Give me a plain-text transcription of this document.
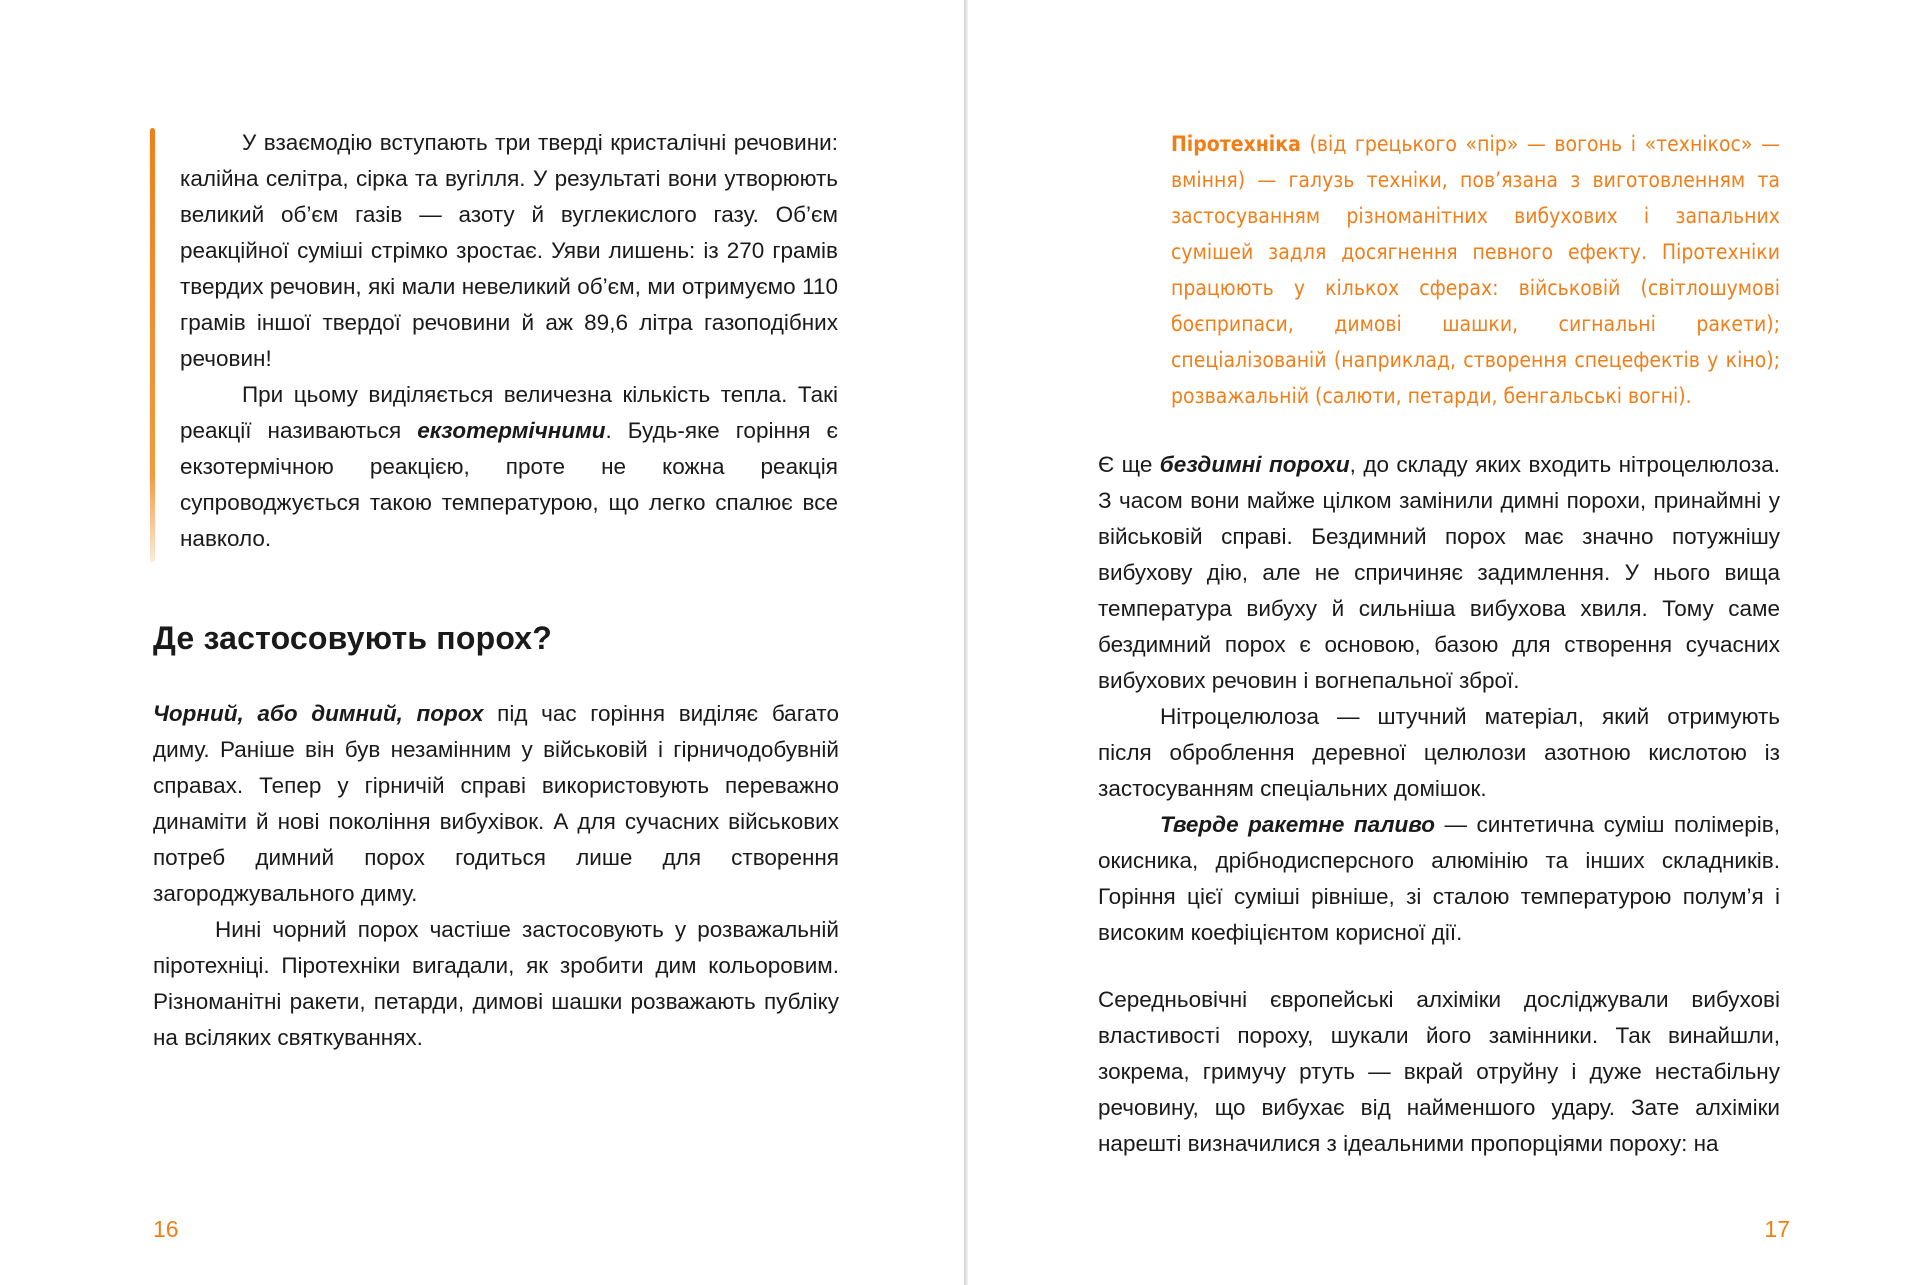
У взаємодію вступають три тверді кристалічні речовини: калійна селітра, сірка та вугілля. У результаті вони утворюють великий об’єм газів — азоту й вуглекислого газу. Об’єм реакційної суміші стрімко зростає. Уяви лишень: із 270 грамів твердих речовин, які мали невеликий об’єм, ми отримуємо 110 грамів іншої твердої речовини й аж 89,6 літра газоподібних речовин!

При цьому виділяється величезна кількість тепла. Такі реакції називаються екзотермічними. Будь-яке горіння є екзотермічною реакцією, проте не кожна реакція супроводжується такою температурою, що легко спалює все навколо.

Де застосовують порох?

Чорний, або димний, порох під час горіння виділяє багато диму. Раніше він був незамінним у військовій і гірничодобувній справах. Тепер у гірничій справі використовують переважно динаміти й нові покоління вибухівок. А для сучасних військових потреб димний порох годиться лише для створення загороджувального диму.

Нині чорний порох частіше застосовують у розважальній піротехніці. Піротехніки вигадали, як зробити дим кольоровим. Різноманітні ракети, петарди, димові шашки розважають публіку на всіляких святкуваннях.

16

Піротехніка (від грецького «пір» — вогонь і «технікос» — вміння) — галузь техніки, пов’язана з виготовленням та застосуванням різноманітних вибухових і запальних сумішей задля досягнення певного ефекту. Піротехніки працюють у кількох сферах: військовій (світлошумові боєприпаси, димові шашки, сигнальні ракети); спеціалізованій (наприклад, створення спецефектів у кіно); розважальній (салюти, петарди, бенгальські вогні).

Є ще бездимні порохи, до складу яких входить нітроцелюлоза. З часом вони майже цілком замінили димні порохи, принаймні у військовій справі. Бездимний порох має значно потужнішу вибухову дію, але не спричиняє задимлення. У нього вища температура вибуху й сильніша вибухова хвиля. Тому саме бездимний порох є основою, базою для створення сучасних вибухових речовин і вогнепальної зброї.

Нітроцелюлоза — штучний матеріал, який отримують після оброблення деревної целюлози азотною кислотою із застосуванням спеціальних домішок.

Тверде ракетне паливо — синтетична суміш полімерів, окисника, дрібнодисперсного алюмінію та інших складників. Горіння цієї суміші рівніше, зі сталою температурою полум’я і високим коефіцієнтом корисної дії.

Середньовічні європейські алхіміки досліджували вибухові властивості пороху, шукали його замінники. Так винайшли, зокрема, гримучу ртуть — вкрай отруйну і дуже нестабільну речовину, що вибухає від найменшого удару. Зате алхіміки нарешті визначилися з ідеальними пропорціями пороху: на

17
